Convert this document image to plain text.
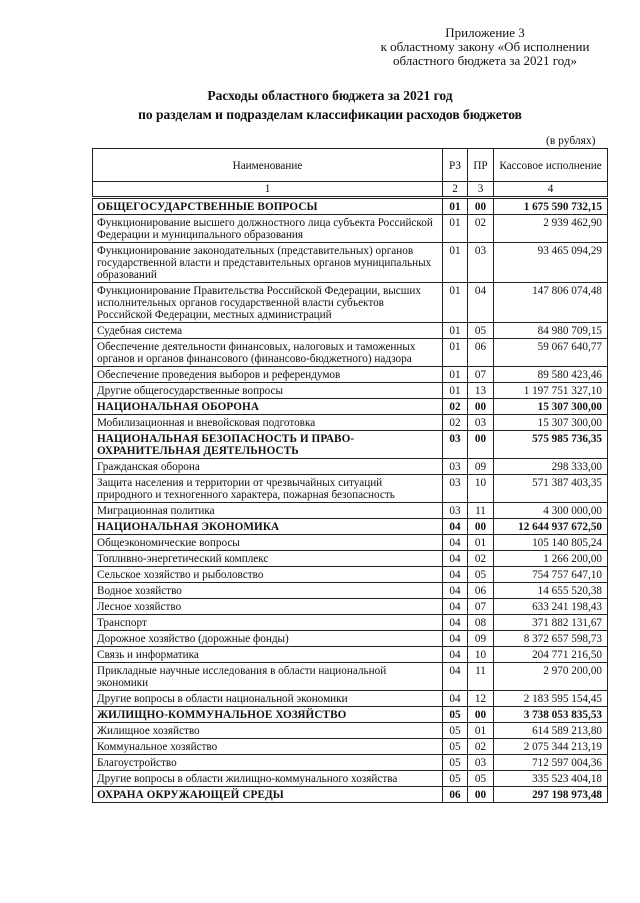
Приложение 3
к областному закону «Об исполнении
областного бюджета за 2021 год»
Расходы областного бюджета за 2021 год
по разделам и подразделам классификации расходов бюджетов
(в рублях)
Наименование	РЗ	ПР	Кассовое исполнение
1	2	3	4
ОБЩЕГОСУДАРСТВЕННЫЕ ВОПРОСЫ	01	00	1 675 590 732,15
Функционирование высшего должностного лица субъекта Российской Федерации и муниципального образования	01	02	2 939 462,90
Функционирование законодательных (представительных) органов государственной власти и представительных органов муниципальных образований	01	03	93 465 094,29
Функционирование Правительства Российской Федерации, высших исполнительных органов государственной власти субъектов Российской Федерации, местных администраций	01	04	147 806 074,48
Судебная система	01	05	84 980 709,15
Обеспечение деятельности финансовых, налоговых и таможенных органов и органов финансового (финансово-бюджетного) надзора	01	06	59 067 640,77
Обеспечение проведения выборов и референдумов	01	07	89 580 423,46
Другие общегосударственные вопросы	01	13	1 197 751 327,10
НАЦИОНАЛЬНАЯ ОБОРОНА	02	00	15 307 300,00
Мобилизационная и вневойсковая подготовка	02	03	15 307 300,00
НАЦИОНАЛЬНАЯ БЕЗОПАСНОСТЬ И ПРАВО-ОХРАНИТЕЛЬНАЯ ДЕЯТЕЛЬНОСТЬ	03	00	575 985 736,35
Гражданская оборона	03	09	298 333,00
Защита населения и территории от чрезвычайных ситуаций природного и техногенного характера, пожарная безопасность	03	10	571 387 403,35
Миграционная политика	03	11	4 300 000,00
НАЦИОНАЛЬНАЯ ЭКОНОМИКА	04	00	12 644 937 672,50
Общеэкономические вопросы	04	01	105 140 805,24
Топливно-энергетический комплекс	04	02	1 266 200,00
Сельское хозяйство и рыболовство	04	05	754 757 647,10
Водное хозяйство	04	06	14 655 520,38
Лесное хозяйство	04	07	633 241 198,43
Транспорт	04	08	371 882 131,67
Дорожное хозяйство (дорожные фонды)	04	09	8 372 657 598,73
Связь и информатика	04	10	204 771 216,50
Прикладные научные исследования в области национальной экономики	04	11	2 970 200,00
Другие вопросы в области национальной экономики	04	12	2 183 595 154,45
ЖИЛИЩНО-КОММУНАЛЬНОЕ ХОЗЯЙСТВО	05	00	3 738 053 835,53
Жилищное хозяйство	05	01	614 589 213,80
Коммунальное хозяйство	05	02	2 075 344 213,19
Благоустройство	05	03	712 597 004,36
Другие вопросы в области жилищно-коммунального хозяйства	05	05	335 523 404,18
ОХРАНА ОКРУЖАЮЩЕЙ СРЕДЫ	06	00	297 198 973,48
